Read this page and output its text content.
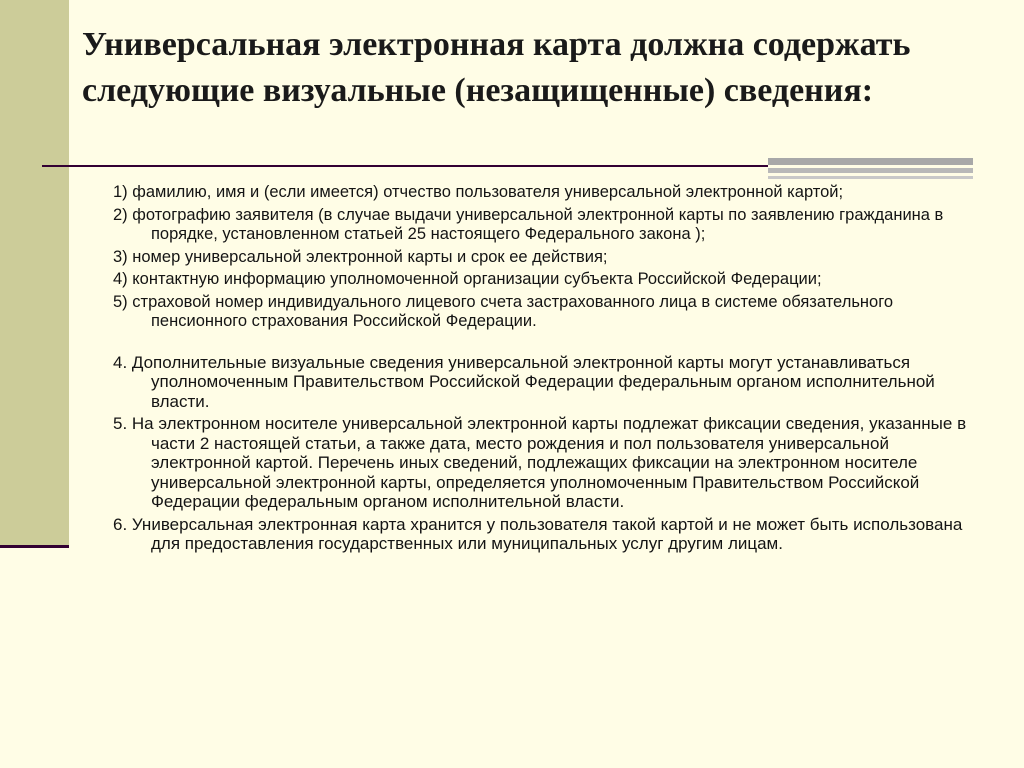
Универсальная электронная карта должна содержать следующие визуальные (незащищенные) сведения:

1) фамилию, имя и (если имеется) отчество пользователя универсальной электронной картой;

2) фотографию заявителя (в случае выдачи универсальной электронной карты по заявлению гражданина в порядке, установленном статьей 25 настоящего Федерального закона );

3) номер универсальной электронной карты и срок ее действия;

4) контактную информацию уполномоченной организации субъекта Российской Федерации;

5) страховой номер индивидуального лицевого счета застрахованного лица в системе обязательного пенсионного страхования Российской Федерации.

4. Дополнительные визуальные сведения универсальной электронной карты могут устанавливаться уполномоченным Правительством Российской Федерации федеральным органом исполнительной власти.

5. На электронном носителе универсальной электронной карты подлежат фиксации сведения, указанные в части 2 настоящей статьи, а также дата, место рождения и пол пользователя универсальной электронной картой. Перечень иных сведений, подлежащих фиксации на электронном носителе универсальной электронной карты, определяется уполномоченным Правительством Российской Федерации федеральным органом исполнительной власти.

6. Универсальная электронная карта хранится у пользователя такой картой и не может быть использована для предоставления государственных или муниципальных услуг другим лицам.
